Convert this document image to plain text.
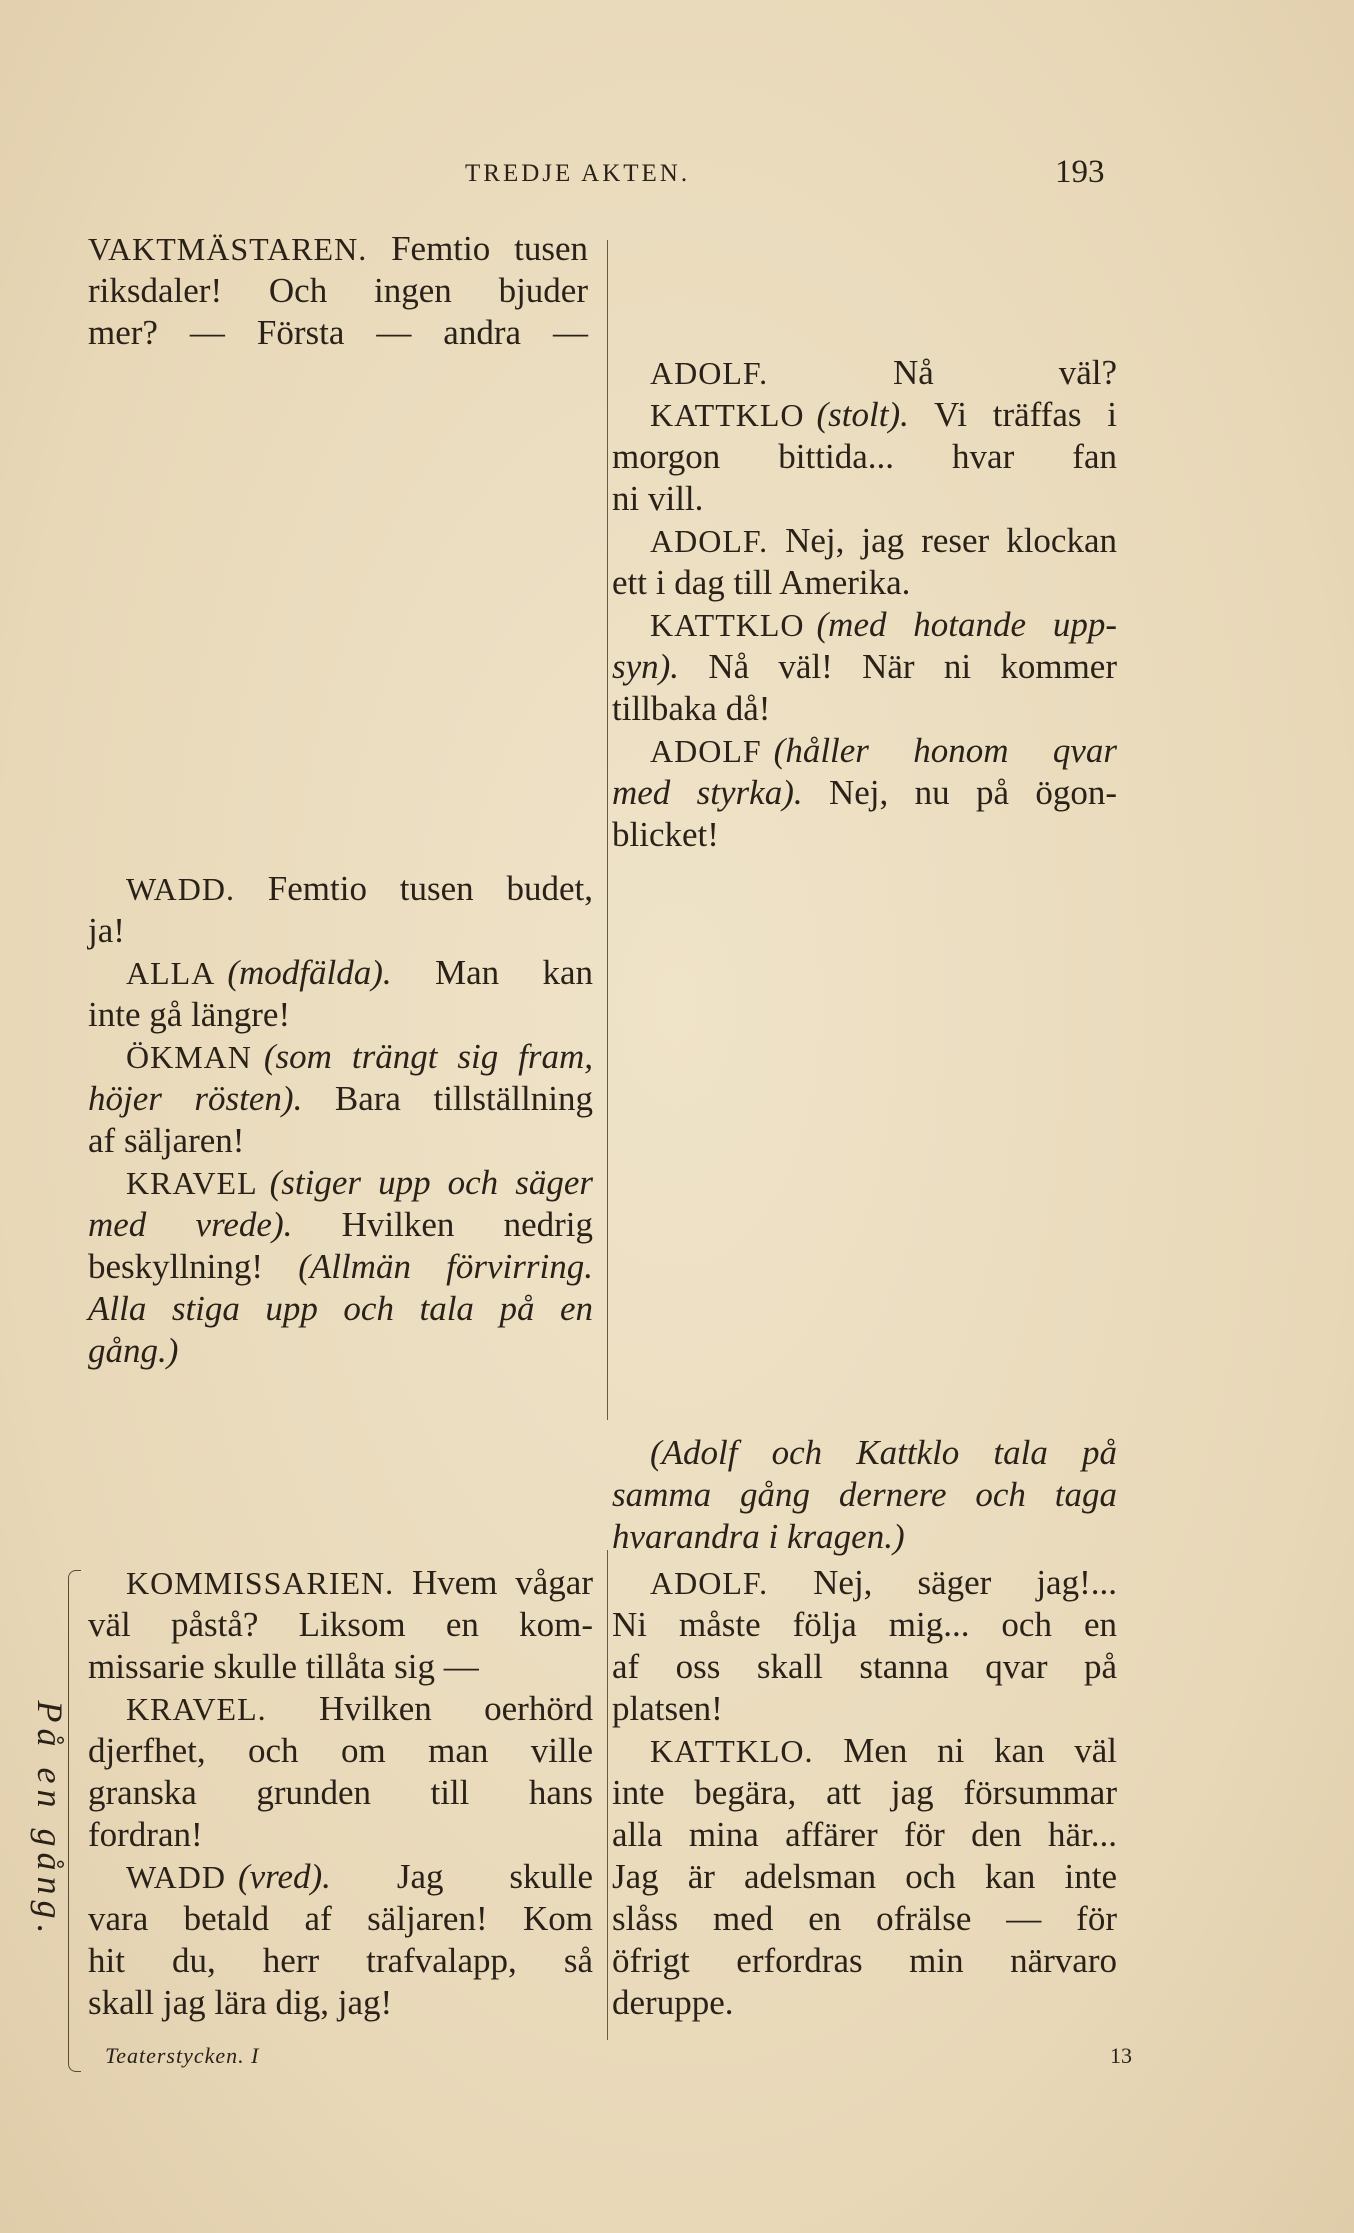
TREDJE AKTEN.	193

VAKTMÄSTAREN. Femtio tusen

riksdaler! Och ingen bjuder

mer? — Första — andra —

ADOLF. Nå väl?

KATTKLO (stolt). Vi träffas i

morgon bittida... hvar fan

ni vill.

ADOLF. Nej, jag reser klockan

ett i dag till Amerika.

KATTKLO (med hotande upp-

syn). Nå väl! När ni kommer

tillbaka då!

ADOLF (håller honom qvar

med styrka). Nej, nu på ögon-

blicket!

WADD. Femtio tusen budet,

ja!

ALLA (modfälda). Man kan

inte gå längre!

ÖKMAN (som trängt sig fram,

höjer rösten). Bara tillställning

af säljaren!

KRAVEL (stiger upp och säger

med vrede). Hvilken nedrig

beskyllning! (Allmän förvirring.

Alla stiga upp och tala på en

gång.)

(Adolf och Kattklo tala på

samma gång dernere och taga

hvarandra i kragen.)

KOMMISSARIEN. Hvem vågar

väl påstå? Liksom en kom-

missarie skulle tillåta sig —

KRAVEL. Hvilken oerhörd

djerfhet, och om man ville

granska grunden till hans

fordran!

WADD (vred). Jag skulle

vara betald af säljaren! Kom

hit du, herr trafvalapp, så

skall jag lära dig, jag!

ADOLF. Nej, säger jag!...

Ni måste följa mig... och en

af oss skall stanna qvar på

platsen!

KATTKLO. Men ni kan väl

inte begära, att jag försummar

alla mina affärer för den här...

Jag är adelsman och kan inte

slåss med en ofrälse — för

öfrigt erfordras min närvaro

deruppe.

På en gång.
Teaterstycken. I	13
